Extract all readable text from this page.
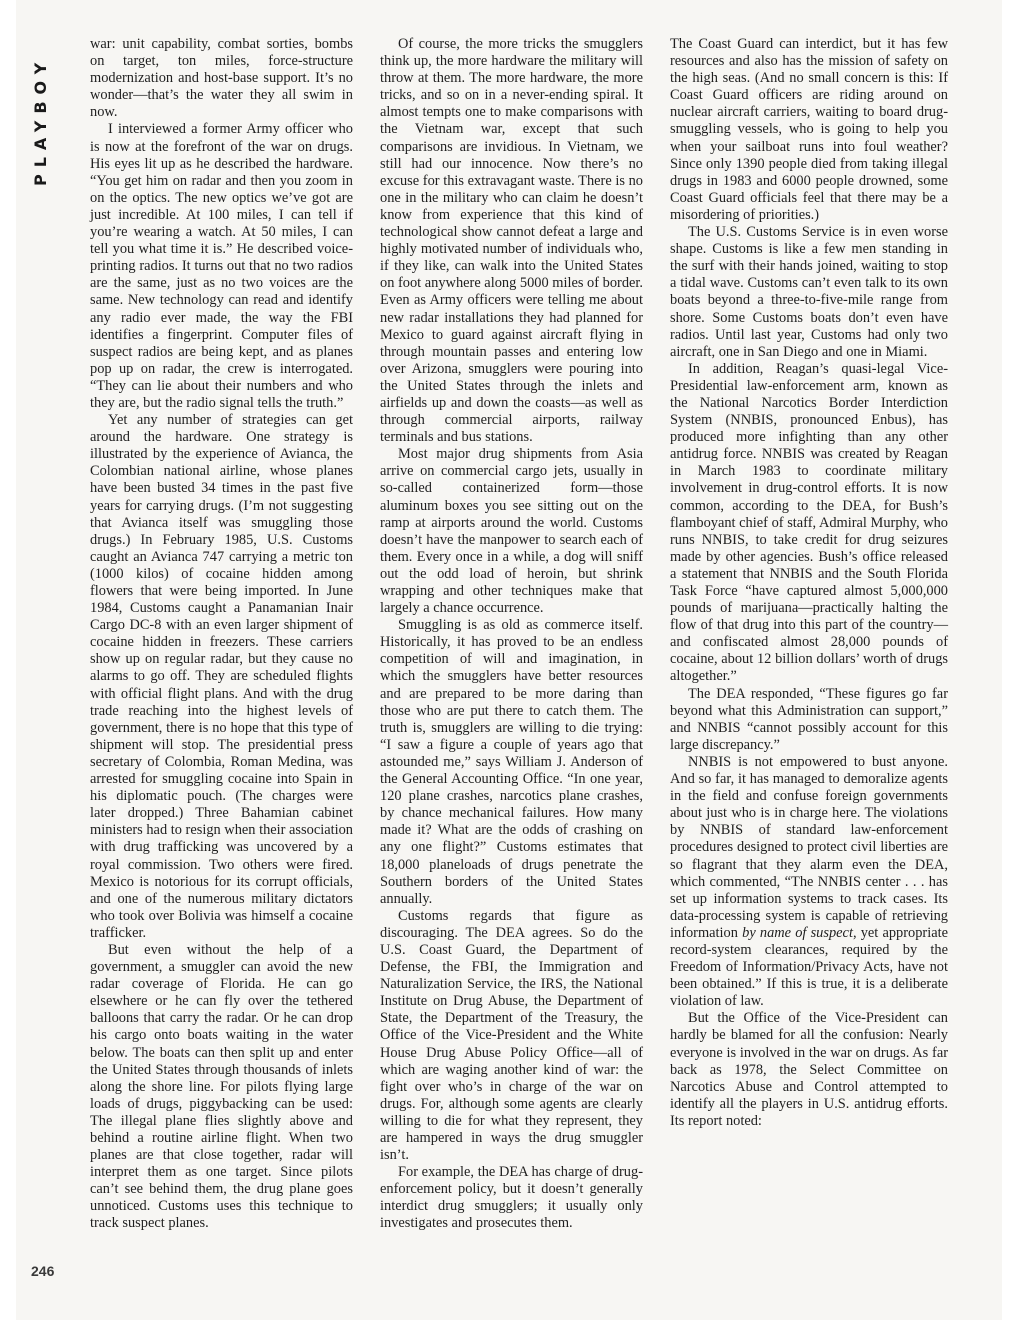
PLAYBOY

war: unit capability, combat sorties, bombs on target, ton miles, force-structure modernization and host-base support. It’s no wonder—that’s the water they all swim in now.

I interviewed a former Army officer who is now at the forefront of the war on drugs. His eyes lit up as he described the hardware. “You get him on radar and then you zoom in on the optics. The new optics we’ve got are just incredible. At 100 miles, I can tell if you’re wearing a watch. At 50 miles, I can tell you what time it is.” He described voice-printing radios. It turns out that no two radios are the same, just as no two voices are the same. New technology can read and identify any radio ever made, the way the FBI identifies a fingerprint. Computer files of suspect radios are being kept, and as planes pop up on radar, the crew is interrogated. “They can lie about their numbers and who they are, but the radio signal tells the truth.”

Yet any number of strategies can get around the hardware. One strategy is illustrated by the experience of Avianca, the Colombian national airline, whose planes have been busted 34 times in the past five years for carrying drugs. (I’m not suggesting that Avianca itself was smuggling those drugs.) In February 1985, U.S. Customs caught an Avianca 747 carrying a metric ton (1000 kilos) of cocaine hidden among flowers that were being imported. In June 1984, Customs caught a Panamanian Inair Cargo DC-8 with an even larger shipment of cocaine hidden in freezers. These carriers show up on regular radar, but they cause no alarms to go off. They are scheduled flights with official flight plans. And with the drug trade reaching into the highest levels of government, there is no hope that this type of shipment will stop. The presidential press secretary of Colombia, Roman Medina, was arrested for smuggling cocaine into Spain in his diplomatic pouch. (The charges were later dropped.) Three Bahamian cabinet ministers had to resign when their association with drug trafficking was uncovered by a royal commission. Two others were fired. Mexico is notorious for its corrupt officials, and one of the numerous military dictators who took over Bolivia was himself a cocaine trafficker.

But even without the help of a government, a smuggler can avoid the new radar coverage of Florida. He can go elsewhere or he can fly over the tethered balloons that carry the radar. Or he can drop his cargo onto boats waiting in the water below. The boats can then split up and enter the United States through thousands of inlets along the shore line. For pilots flying large loads of drugs, piggybacking can be used: The illegal plane flies slightly above and behind a routine airline flight. When two planes are that close together, radar will interpret them as one target. Since pilots can’t see behind them, the drug plane goes unnoticed. Customs uses this technique to track suspect planes.

Of course, the more tricks the smugglers think up, the more hardware the military will throw at them. The more hardware, the more tricks, and so on in a never-ending spiral. It almost tempts one to make comparisons with the Vietnam war, except that such comparisons are invidious. In Vietnam, we still had our innocence. Now there’s no excuse for this extravagant waste. There is no one in the military who can claim he doesn’t know from experience that this kind of technological show cannot defeat a large and highly motivated number of individuals who, if they like, can walk into the United States on foot anywhere along 5000 miles of border. Even as Army officers were telling me about new radar installations they had planned for Mexico to guard against aircraft flying in through mountain passes and entering low over Arizona, smugglers were pouring into the United States through the inlets and airfields up and down the coasts—as well as through commercial airports, railway terminals and bus stations.

Most major drug shipments from Asia arrive on commercial cargo jets, usually in so-called containerized form—those aluminum boxes you see sitting out on the ramp at airports around the world. Customs doesn’t have the manpower to search each of them. Every once in a while, a dog will sniff out the odd load of heroin, but shrink wrapping and other techniques make that largely a chance occurrence.

Smuggling is as old as commerce itself. Historically, it has proved to be an endless competition of will and imagination, in which the smugglers have better resources and are prepared to be more daring than those who are put there to catch them. The truth is, smugglers are willing to die trying: “I saw a figure a couple of years ago that astounded me,” says William J. Anderson of the General Accounting Office. “In one year, 120 plane crashes, narcotics plane crashes, by chance mechanical failures. How many made it? What are the odds of crashing on any one flight?” Customs estimates that 18,000 planeloads of drugs penetrate the Southern borders of the United States annually.

Customs regards that figure as discouraging. The DEA agrees. So do the U.S. Coast Guard, the Department of Defense, the FBI, the Immigration and Naturalization Service, the IRS, the National Institute on Drug Abuse, the Department of State, the Department of the Treasury, the Office of the Vice-President and the White House Drug Abuse Policy Office—all of which are waging another kind of war: the fight over who’s in charge of the war on drugs. For, although some agents are clearly willing to die for what they represent, they are hampered in ways the drug smuggler isn’t.

For example, the DEA has charge of drug-enforcement policy, but it doesn’t generally interdict drug smugglers; it usually only investigates and prosecutes them.

The Coast Guard can interdict, but it has few resources and also has the mission of safety on the high seas. (And no small concern is this: If Coast Guard officers are riding around on nuclear aircraft carriers, waiting to board drug-smuggling vessels, who is going to help you when your sailboat runs into foul weather? Since only 1390 people died from taking illegal drugs in 1983 and 6000 people drowned, some Coast Guard officials feel that there may be a misordering of priorities.)

The U.S. Customs Service is in even worse shape. Customs is like a few men standing in the surf with their hands joined, waiting to stop a tidal wave. Customs can’t even talk to its own boats beyond a three-to-five-mile range from shore. Some Customs boats don’t even have radios. Until last year, Customs had only two aircraft, one in San Diego and one in Miami.

In addition, Reagan’s quasi-legal Vice-Presidential law-enforcement arm, known as the National Narcotics Border Interdiction System (NNBIS, pronounced Enbus), has produced more infighting than any other antidrug force. NNBIS was created by Reagan in March 1983 to coordinate military involvement in drug-control efforts. It is now common, according to the DEA, for Bush’s flamboyant chief of staff, Admiral Murphy, who runs NNBIS, to take credit for drug seizures made by other agencies. Bush’s office released a statement that NNBIS and the South Florida Task Force “have captured almost 5,000,000 pounds of marijuana—practically halting the flow of that drug into this part of the country—and confiscated almost 28,000 pounds of cocaine, about 12 billion dollars’ worth of drugs altogether.”

The DEA responded, “These figures go far beyond what this Administration can support,” and NNBIS “cannot possibly account for this large discrepancy.”

NNBIS is not empowered to bust anyone. And so far, it has managed to demoralize agents in the field and confuse foreign governments about just who is in charge here. The violations by NNBIS of standard law-enforcement procedures designed to protect civil liberties are so flagrant that they alarm even the DEA, which commented, “The NNBIS center . . . has set up information systems to track cases. Its data-processing system is capable of retrieving information by name of suspect, yet appropriate record-system clearances, required by the Freedom of Information/Privacy Acts, have not been obtained.” If this is true, it is a deliberate violation of law.

But the Office of the Vice-President can hardly be blamed for all the confusion: Nearly everyone is involved in the war on drugs. As far back as 1978, the Select Committee on Narcotics Abuse and Control attempted to identify all the players in U.S. antidrug efforts. Its report noted:

246
